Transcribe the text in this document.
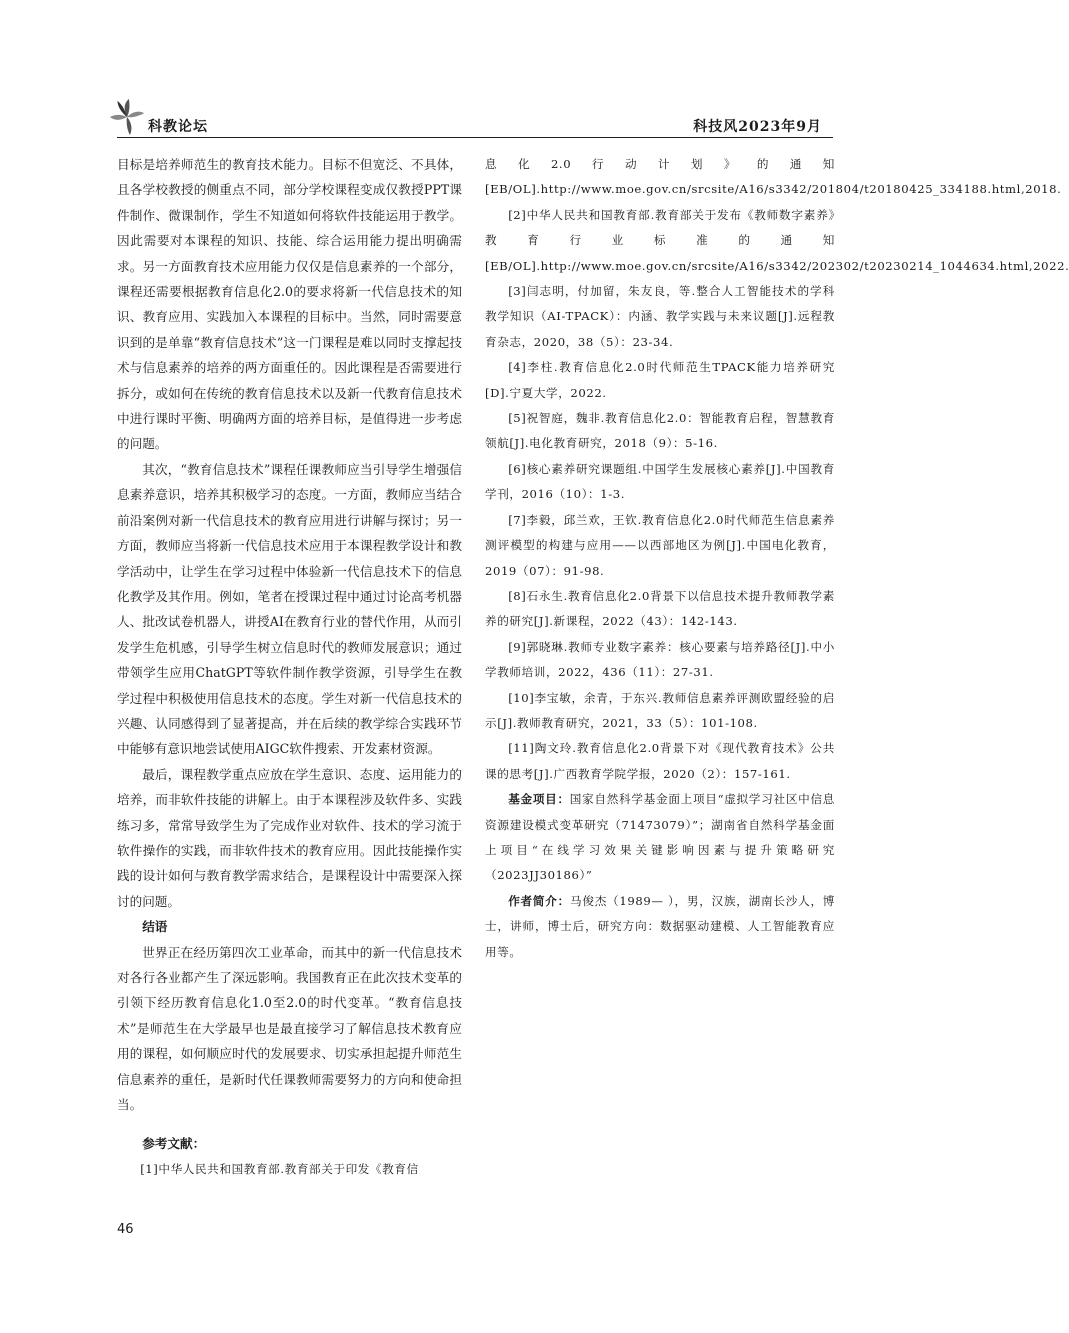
科教论坛	科技风2023年9月

目标是培养师范生的教育技术能力。目标不但宽泛、不具体，且各学校教授的侧重点不同，部分学校课程变成仅教授PPT课件制作、微课制作，学生不知道如何将软件技能运用于教学。因此需要对本课程的知识、技能、综合运用能力提出明确需求。另一方面教育技术应用能力仅仅是信息素养的一个部分，课程还需要根据教育信息化2.0的要求将新一代信息技术的知识、教育应用、实践加入本课程的目标中。当然，同时需要意识到的是单靠“教育信息技术”这一门课程是难以同时支撑起技术与信息素养的培养的两方面重任的。因此课程是否需要进行拆分，或如何在传统的教育信息技术以及新一代教育信息技术中进行课时平衡、明确两方面的培养目标，是值得进一步考虑的问题。

其次，“教育信息技术”课程任课教师应当引导学生增强信息素养意识，培养其积极学习的态度。一方面，教师应当结合前沿案例对新一代信息技术的教育应用进行讲解与探讨；另一方面，教师应当将新一代信息技术应用于本课程教学设计和教学活动中，让学生在学习过程中体验新一代信息技术下的信息化教学及其作用。例如，笔者在授课过程中通过讨论高考机器人、批改试卷机器人，讲授AI在教育行业的替代作用，从而引发学生危机感，引导学生树立信息时代的教师发展意识；通过带领学生应用ChatGPT等软件制作教学资源，引导学生在教学过程中积极使用信息技术的态度。学生对新一代信息技术的兴趣、认同感得到了显著提高，并在后续的教学综合实践环节中能够有意识地尝试使用AIGC软件搜索、开发素材资源。

最后，课程教学重点应放在学生意识、态度、运用能力的培养，而非软件技能的讲解上。由于本课程涉及软件多、实践练习多，常常导致学生为了完成作业对软件、技术的学习流于软件操作的实践，而非软件技术的教育应用。因此技能操作实践的设计如何与教育教学需求结合，是课程设计中需要深入探讨的问题。

结语

世界正在经历第四次工业革命，而其中的新一代信息技术对各行各业都产生了深远影响。我国教育正在此次技术变革的引领下经历教育信息化1.0至2.0的时代变革。“教育信息技术”是师范生在大学最早也是最直接学习了解信息技术教育应用的课程，如何顺应时代的发展要求、切实承担起提升师范生信息素养的重任，是新时代任课教师需要努力的方向和使命担当。

参考文献：

[1]中华人民共和国教育部.教育部关于印发《教育信

息化2.0行动计划》的通知[EB/OL].http://www.moe.gov.cn/srcsite/A16/s3342/201804/t20180425_334188.html,2018.

[2]中华人民共和国教育部.教育部关于发布《教师数字素养》教育行业标准的通知[EB/OL].http://www.moe.gov.cn/srcsite/A16/s3342/202302/t20230214_1044634.html,2022.

[3]闫志明，付加留，朱友良，等.整合人工智能技术的学科教学知识（AI-TPACK）：内涵、教学实践与未来议题[J].远程教育杂志，2020，38（5）：23-34.

[4]李柱.教育信息化2.0时代师范生TPACK能力培养研究[D].宁夏大学，2022.

[5]祝智庭，魏非.教育信息化2.0：智能教育启程，智慧教育领航[J].电化教育研究，2018（9）：5-16.

[6]核心素养研究课题组.中国学生发展核心素养[J].中国教育学刊，2016（10）：1-3.

[7]李毅，邱兰欢，王钦.教育信息化2.0时代师范生信息素养测评模型的构建与应用——以西部地区为例[J].中国电化教育，2019（07）：91-98.

[8]石永生.教育信息化2.0背景下以信息技术提升教师教学素养的研究[J].新课程，2022（43）：142-143.

[9]郭晓琳.教师专业数字素养：核心要素与培养路径[J].中小学教师培训，2022，436（11）：27-31.

[10]李宝敏，余青，于东兴.教师信息素养评测欧盟经验的启示[J].教师教育研究，2021，33（5）：101-108.

[11]陶文玲.教育信息化2.0背景下对《现代教育技术》公共课的思考[J].广西教育学院学报，2020（2）：157-161.

基金项目：国家自然科学基金面上项目“虚拟学习社区中信息资源建设模式变革研究（71473079）”；湖南省自然科学基金面上项目“在线学习效果关键影响因素与提升策略研究（2023JJ30186）”

作者简介：马俊杰（1989— ），男，汉族，湖南长沙人，博士，讲师，博士后，研究方向：数据驱动建模、人工智能教育应用等。

46
